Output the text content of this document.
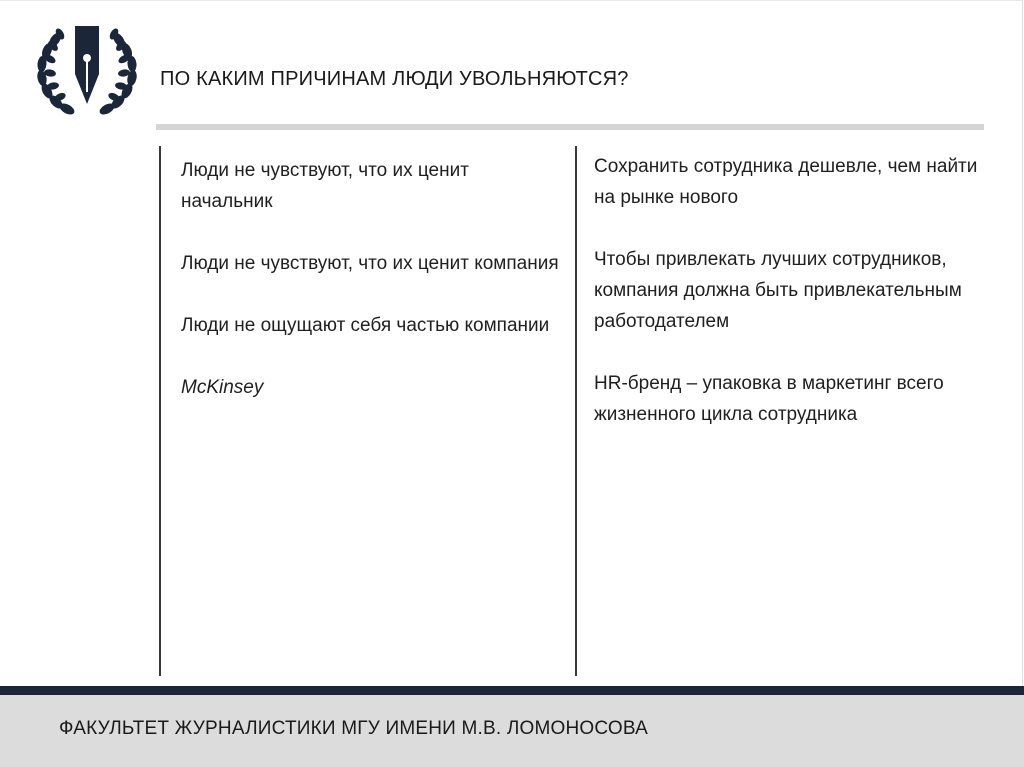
ПО КАКИМ ПРИЧИНАМ ЛЮДИ УВОЛЬНЯЮТСЯ?

Люди не чувствуют, что их ценит начальник

Люди не чувствуют, что их ценит компания

Люди не ощущают себя частью компании

McKinsey

Сохранить сотрудника дешевле, чем найти на рынке нового

Чтобы привлекать лучших сотрудников, компания должна быть привлекательным работодателем

HR-бренд – упаковка в маркетинг всего жизненного цикла сотрудника

ФАКУЛЬТЕТ ЖУРНАЛИСТИКИ МГУ ИМЕНИ М.В. ЛОМОНОСОВА
